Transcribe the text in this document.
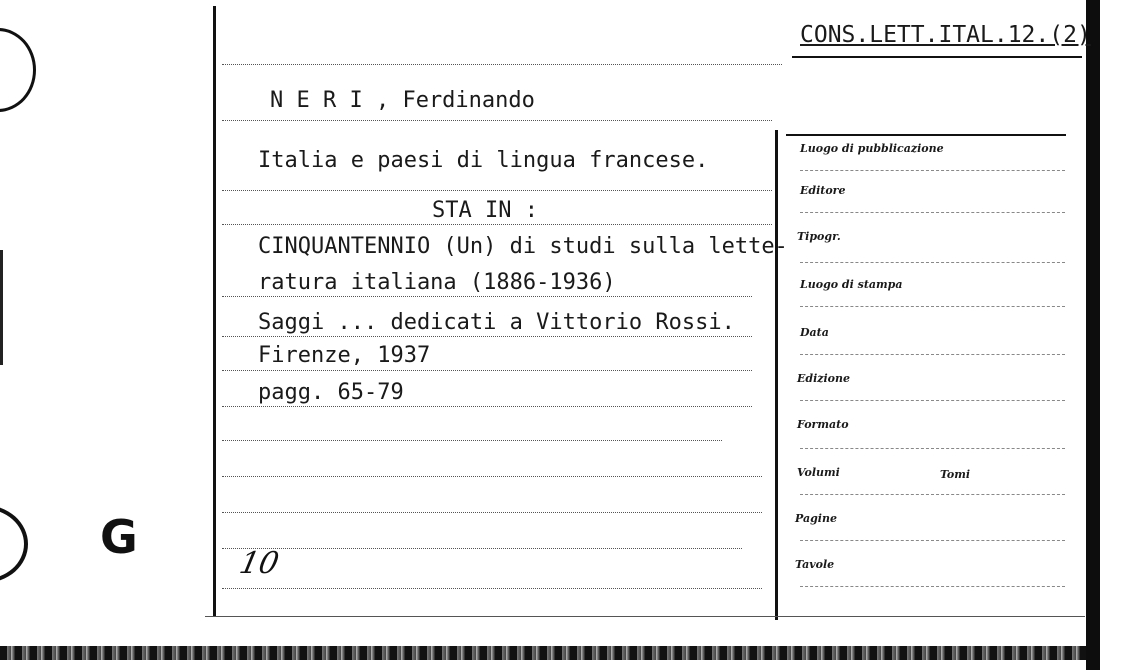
G
CONS.LETT.ITAL.12.(2)
N E R I , Ferdinando
Italia e paesi di lingua francese.
STA IN :
CINQUANTENNIO (Un) di studi sulla lette-
ratura italiana (1886-1936)
Saggi ... dedicati a Vittorio Rossi.
Firenze, 1937
pagg. 65-79
10
Luogo di pubblicazione
Editore
Tipogr.
Luogo di stampa
Data
Edizione
Formato
Volumi	Tomi
Pagine
Tavole
